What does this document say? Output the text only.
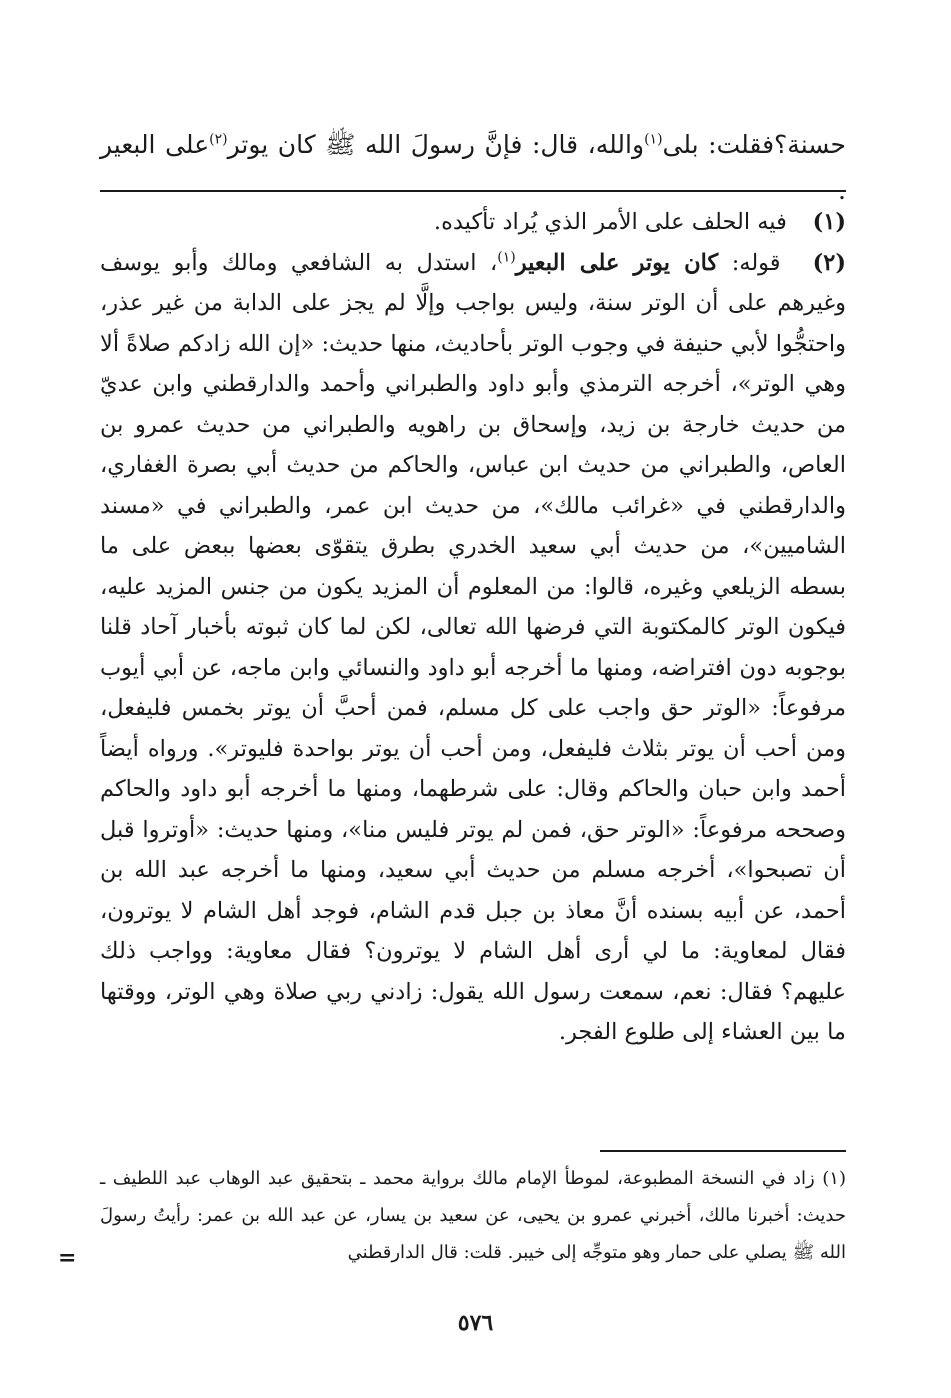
حسنة؟فقلت: بلى$^{(١)}$والله، قال: فإنَّ رسولَ الله ﷺ كان يوتر$^{(٢)}$على البعير .

(١) فيه الحلف على الأمر الذي يُراد تأكيده.

(٢) قوله: كان يوتر على البعير$^{(١)}$، استدل به الشافعي ومالك وأبو يوسف وغيرهم على أن الوتر سنة، وليس بواجب وإلَّا لم يجز على الدابة من غير عذر، واحتجُّوا لأبي حنيفة في وجوب الوتر بأحاديث، منها حديث: «إن الله زادكم صلاةً ألا وهي الوتر»، أخرجه الترمذي وأبو داود والطبراني وأحمد والدارقطني وابن عديّ من حديث خارجة بن زيد، وإسحاق بن راهويه والطبراني من حديث عمرو بن العاص، والطبراني من حديث ابن عباس، والحاكم من حديث أبي بصرة الغفاري، والدارقطني في «غرائب مالك»، من حديث ابن عمر، والطبراني في «مسند الشاميين»، من حديث أبي سعيد الخدري بطرق يتقوّى بعضها ببعض على ما بسطه الزيلعي وغيره، قالوا: من المعلوم أن المزيد يكون من جنس المزيد عليه، فيكون الوتر كالمكتوبة التي فرضها الله تعالى، لكن لما كان ثبوته بأخبار آحاد قلنا بوجوبه دون افتراضه، ومنها ما أخرجه أبو داود والنسائي وابن ماجه، عن أبي أيوب مرفوعاً: «الوتر حق واجب على كل مسلم، فمن أحبَّ أن يوتر بخمس فليفعل، ومن أحب أن يوتر بثلاث فليفعل، ومن أحب أن يوتر بواحدة فليوتر». ورواه أيضاً أحمد وابن حبان والحاكم وقال: على شرطهما، ومنها ما أخرجه أبو داود والحاكم وصححه مرفوعاً: «الوتر حق، فمن لم يوتر فليس منا»، ومنها حديث: «أوتروا قبل أن تصبحوا»، أخرجه مسلم من حديث أبي سعيد، ومنها ما أخرجه عبد الله بن أحمد، عن أبيه بسنده أنَّ معاذ بن جبل قدم الشام، فوجد أهل الشام لا يوترون، فقال لمعاوية: ما لي أرى أهل الشام لا يوترون؟ فقال معاوية: وواجب ذلك عليهم؟ فقال: نعم، سمعت رسول الله يقول: زادني ربي صلاة وهي الوتر، ووقتها ما بين العشاء إلى طلوع الفجر.

(١) زاد في النسخة المطبوعة، لموطأ الإمام مالك برواية محمد ـ بتحقيق عبد الوهاب عبد اللطيف ـ حديث: أخبرنا مالك، أخبرني عمرو بن يحيى، عن سعيد بن يسار، عن عبد الله بن عمر: رأيتُ رسولَ الله ﷺ يصلي على حمار وهو متوجِّه إلى خيبر. قلت: قال الدارقطني

=
٥٧٦
